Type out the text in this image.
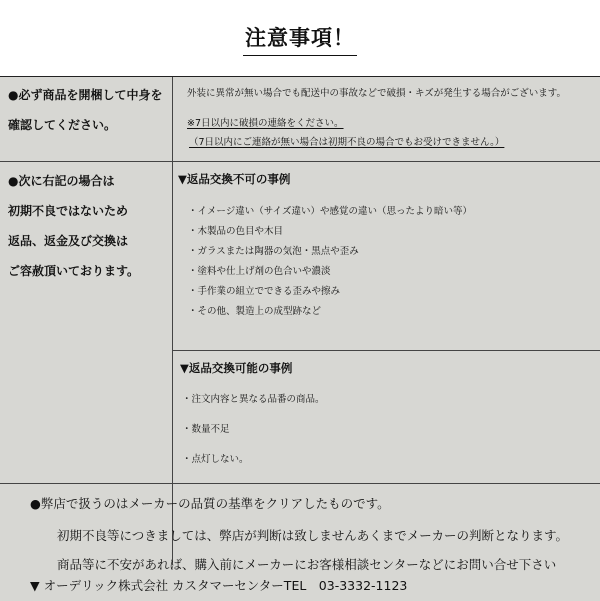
注意事項！
●必ず商品を開梱して中身を
確認してください。
外装に異常が無い場合でも配送中の事故などで破損・キズが発生する場合がございます。
※7日以内に破損の連絡をください。
（7日以内にご連絡が無い場合は初期不良の場合でもお受けできません。）
●次に右記の場合は
初期不良ではないため
返品、返金及び交換は
ご容赦頂いております。
▼返品交換不可の事例
・イメージ違い（サイズ違い）や感覚の違い（思ったより暗い等）
・木製品の色目や木目
・ガラスまたは陶器の気泡・黒点や歪み
・塗料や仕上げ剤の色合いや濃淡
・手作業の組立でできる歪みや擦み
・その他、製造上の成型跡など
▼返品交換可能の事例
・注文内容と異なる品番の商品。
・数量不足
・点灯しない。
●弊店で扱うのはメーカーの品質の基準をクリアしたものです。
初期不良等につきましては、弊店が判断は致しませんあくまでメーカーの判断となります。
商品等に不安があれば、購入前にメーカーにお客様相談センターなどにお問い合せ下さい
▼ オーデリック株式会社 カスタマーセンターTEL　03-3332-1123
